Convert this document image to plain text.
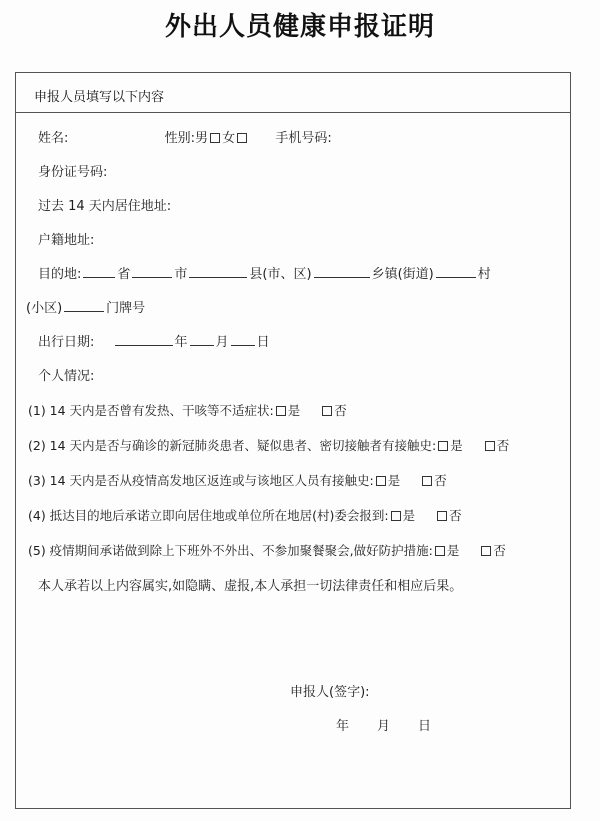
外出人员健康申报证明
申报人员填写以下内容
姓名:	性别:男 女	手机号码:
身份证号码:
过去 14 天内居住地址:
户籍地址:
目的地:	省	市	县(市、区)	乡镇(街道)	村
(小区)	门牌号
出行日期:	年 月 日
个人情况:
(1) 14 天内是否曾有发热、干咳等不适症状: 是	否
(2) 14 天内是否与确诊的新冠肺炎患者、疑似患者、密切接触者有接触史: 是	否
(3) 14 天内是否从疫情高发地区返连或与该地区人员有接触史: 是	否
(4) 抵达目的地后承诺立即向居住地或单位所在地居(村)委会报到: 是	否
(5) 疫情期间承诺做到除上下班外不外出、不参加聚餐聚会,做好防护措施: 是	否
本人承若以上内容属实,如隐瞒、虚报,本人承担一切法律责任和相应后果。
申报人(签字):
年 月 日
